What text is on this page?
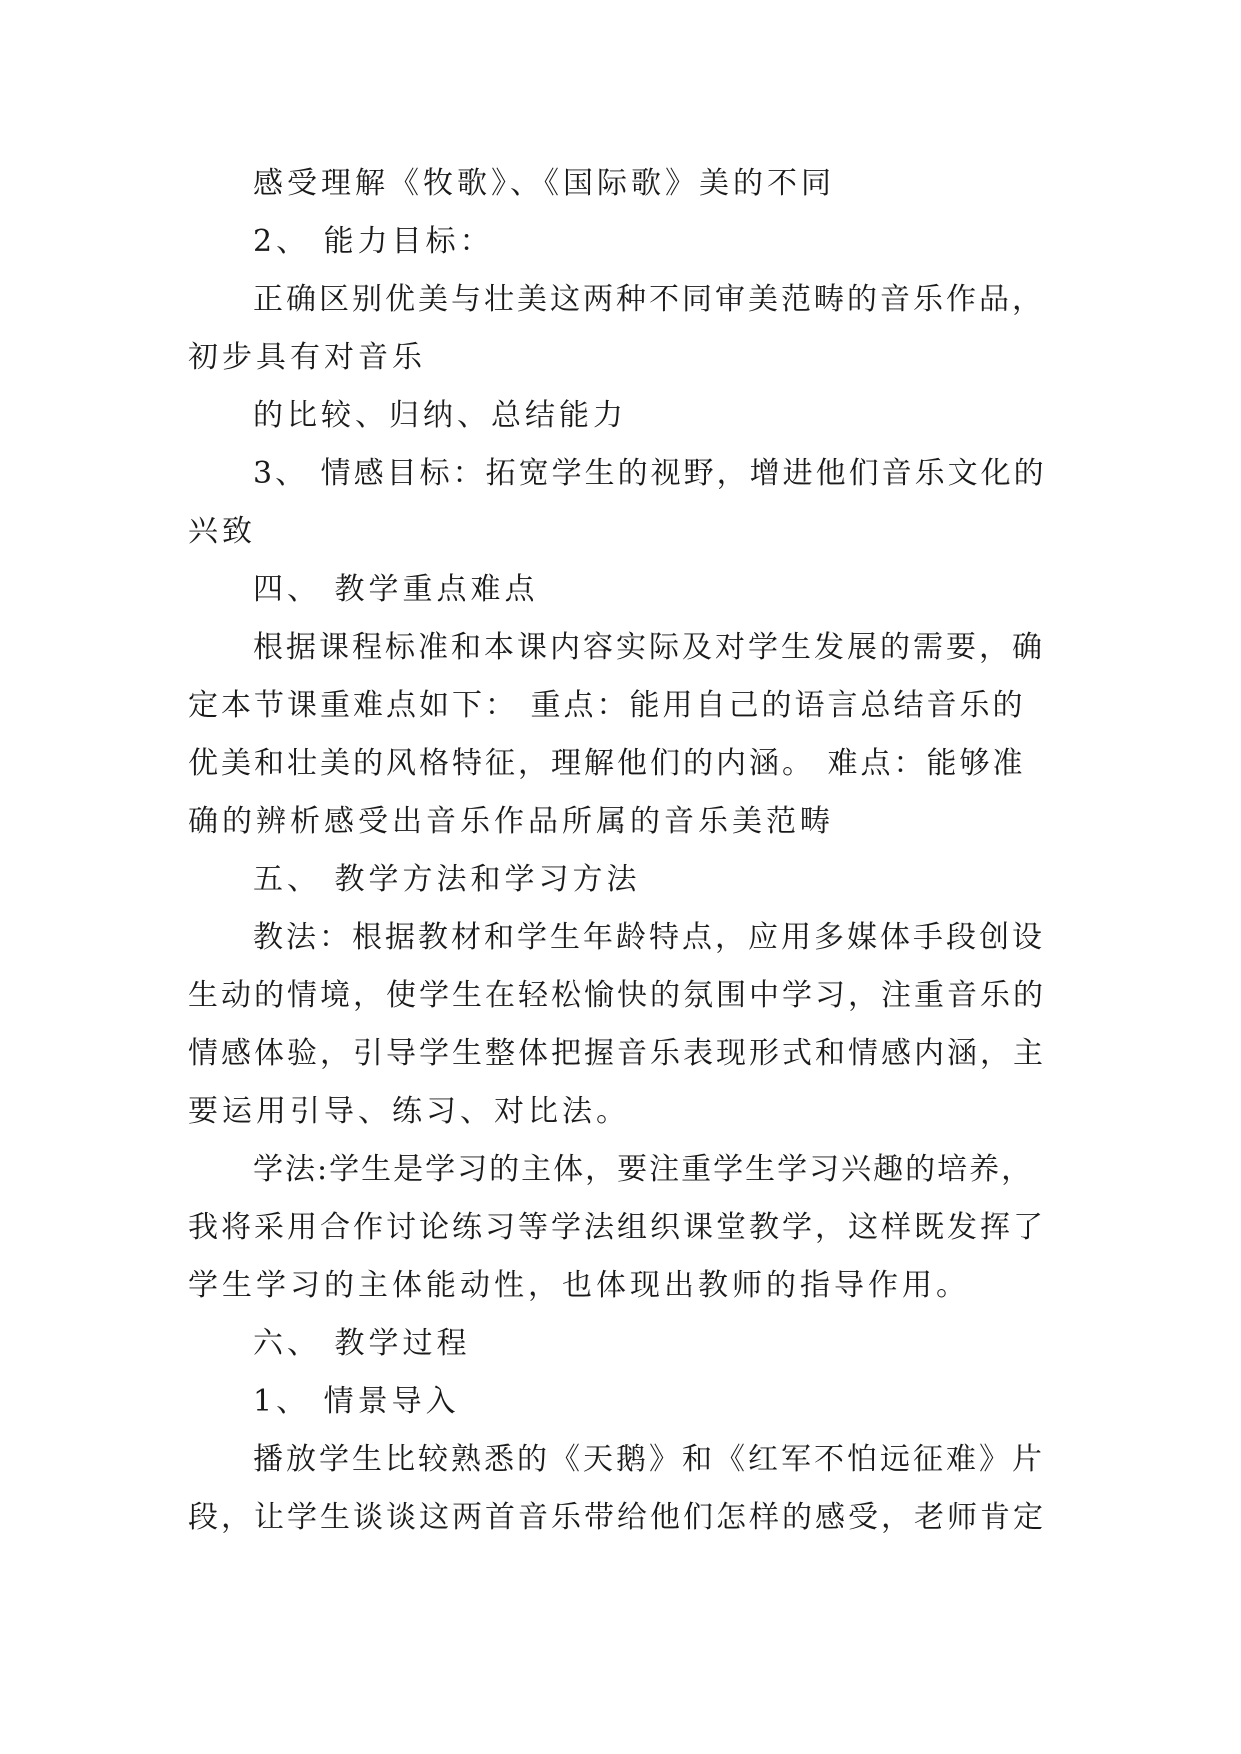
感受理解《牧歌》、《国际歌》美的不同
2、 能力目标：
正确区别优美与壮美这两种不同审美范畴的音乐作品，
初步具有对音乐
的比较、归纳、总结能力
3、 情感目标：拓宽学生的视野，增进他们音乐文化的
兴致
四、 教学重点难点
根据课程标准和本课内容实际及对学生发展的需要，确
定本节课重难点如下： 重点：能用自己的语言总结音乐的
优美和壮美的风格特征，理解他们的内涵。 难点：能够准
确的辨析感受出音乐作品所属的音乐美范畴
五、 教学方法和学习方法
教法：根据教材和学生年龄特点，应用多媒体手段创设
生动的情境，使学生在轻松愉快的氛围中学习，注重音乐的
情感体验，引导学生整体把握音乐表现形式和情感内涵，主
要运用引导、练习、对比法。
学法:学生是学习的主体，要注重学生学习兴趣的培养，
我将采用合作讨论练习等学法组织课堂教学，这样既发挥了
学生学习的主体能动性，也体现出教师的指导作用。
六、 教学过程
1、 情景导入
播放学生比较熟悉的《天鹅》和《红军不怕远征难》片
段，让学生谈谈这两首音乐带给他们怎样的感受，老师肯定
